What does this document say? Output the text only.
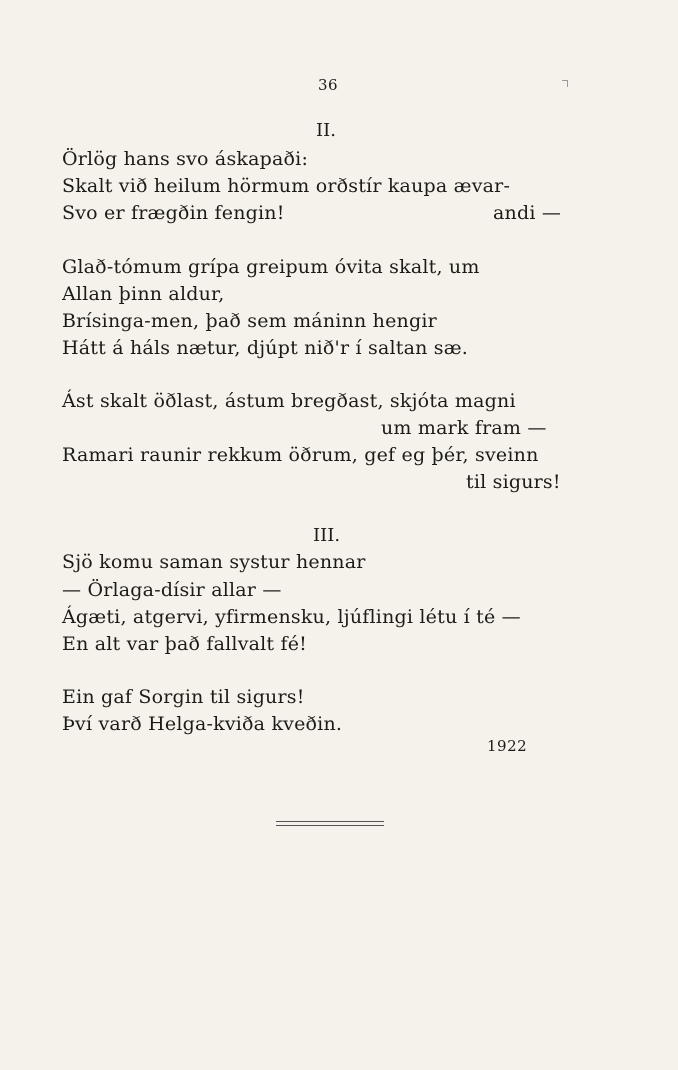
36
II.
Örlög hans svo áskapaði:
Skalt við heilum hörmum orðstír kaupa ævar-
Svo er frægðin fengin!	andi —
Glað-tómum grípa greipum óvita skalt, um
Allan þinn aldur,
Brísinga-men, það sem máninn hengir
Hátt á háls nætur, djúpt nið'r í saltan sæ.
Ást skalt öðlast, ástum bregðast, skjóta magni
um mark fram —
Ramari raunir rekkum öðrum, gef eg þér, sveinn
til sigurs!
III.
Sjö komu saman systur hennar
— Örlaga-dísir allar —
Ágæti, atgervi, yfirmensku, ljúflingi létu í té —
En alt var það fallvalt fé!
Ein gaf Sorgin til sigurs!
Því varð Helga-kviða kveðin.
1922
